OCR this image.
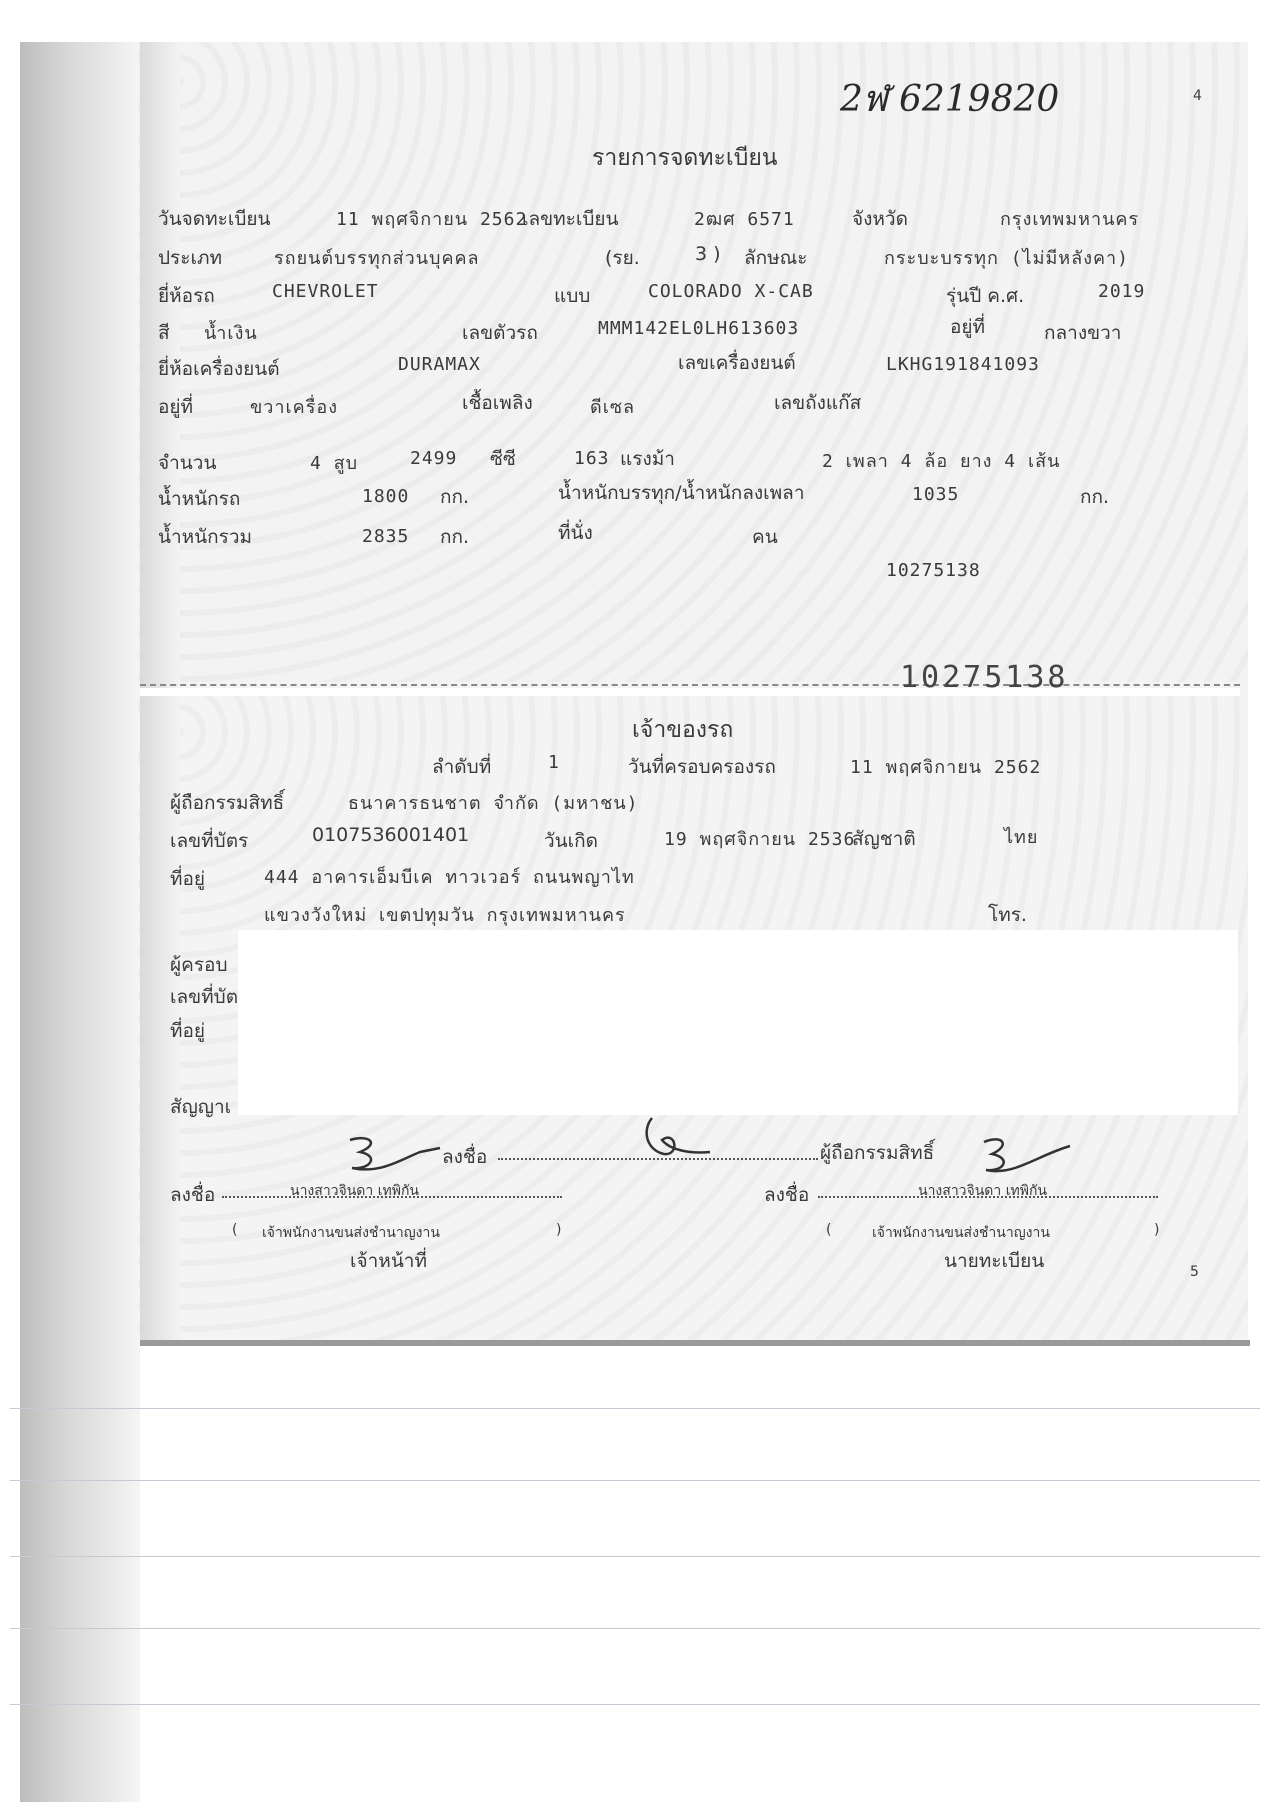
4
2ฬ 6219820
รายการจดทะเบียน
วันจดทะเบียน	11 พฤศจิกายน 2562
เลขทะเบียน	2ฒศ 6571	จังหวัด	กรุงเทพมหานคร
ประเภท	รถยนต์บรรทุกส่วนบุคคล	(รย.	3 ) ลักษณะ	กระบะบรรทุก (ไม่มีหลังคา)
ยี่ห้อรถ	CHEVROLET	แบบ	COLORADO X-CAB	รุ่นปี ค.ศ.	2019
สี น้ำเงิน	เลขตัวรถ	MMM142EL0LH613603	อยู่ที่	กลางขวา
ยี่ห้อเครื่องยนต์	DURAMAX	เลขเครื่องยนต์	LKHG191841093
อยู่ที่	ขวาเครื่อง	เชื้อเพลิง	ดีเซล	เลขถังแก๊ส
จำนวน	4 สูบ	2499 ซีซี	163 แรงม้า	2 เพลา 4 ล้อ ยาง 4 เส้น
น้ำหนักรถ	1800 กก.	น้ำหนักบรรทุก/น้ำหนักลงเพลา	1035	กก.
น้ำหนักรวม	2835 กก.	ที่นั่ง	คน
10275138
10275138
เจ้าของรถ
ลำดับที่	1	วันที่ครอบครองรถ	11 พฤศจิกายน 2562
ผู้ถือกรรมสิทธิ์	ธนาคารธนชาต จำกัด (มหาชน)
เลขที่บัตร	0107536001401	วันเกิด	19 พฤศจิกายน 2536
สัญชาติ	ไทย
ที่อยู่	444 อาคารเอ็มบีเค ทาวเวอร์ ถนนพญาไท
แขวงวังใหม่ เขตปทุมวัน กรุงเทพมหานคร	โทร.
ผู้ครอบ
เลขที่บัต
ที่อยู่
สัญญาเ
ลงชื่อ	ผู้ถือกรรมสิทธิ์
ลงชื่อ	นางสาวจินดา เทพิกัน
( เจ้าพนักงานขนส่งชำนาญงาน	)
เจ้าหน้าที่
ลงชื่อ	นางสาวจินดา เทพิกัน
(	เจ้าพนักงานขนส่งชำนาญงาน	)
นายทะเบียน	5
